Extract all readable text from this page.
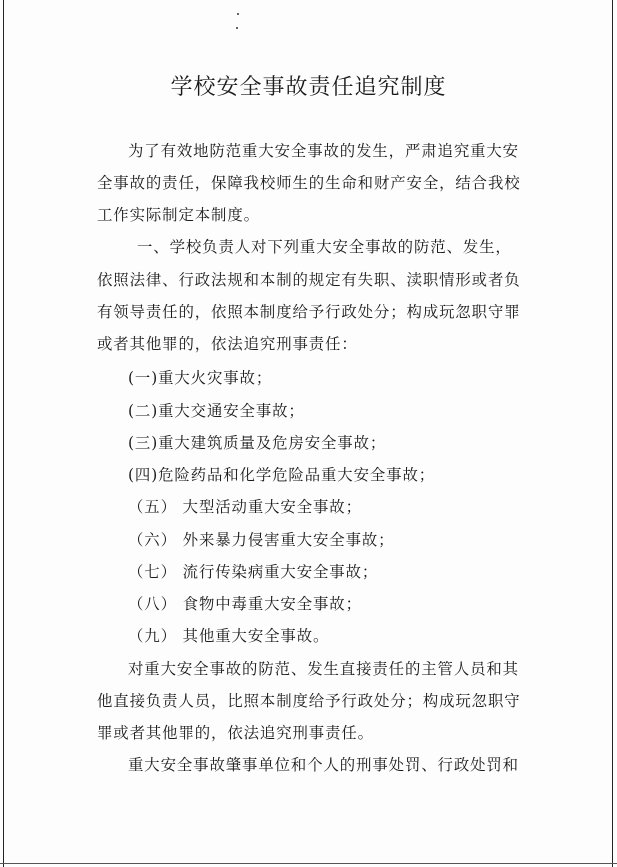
学校安全事故责任追究制度

为了有效地防范重大安全事故的发生，严肃追究重大安

全事故的责任，保障我校师生的生命和财产安全，结合我校

工作实际制定本制度。

一、学校负责人对下列重大安全事故的防范、发生，

依照法律、行政法规和本制的规定有失职、渎职情形或者负

有领导责任的，依照本制度给予行政处分；构成玩忽职守罪

或者其他罪的，依法追究刑事责任：

(一)重大火灾事故；

(二)重大交通安全事故；

(三)重大建筑质量及危房安全事故；

(四)危险药品和化学危险品重大安全事故；

（五） 大型活动重大安全事故；

（六） 外来暴力侵害重大安全事故；

（七） 流行传染病重大安全事故；

（八） 食物中毒重大安全事故；

（九） 其他重大安全事故。

对重大安全事故的防范、发生直接责任的主管人员和其

他直接负责人员，比照本制度给予行政处分；构成玩忽职守

罪或者其他罪的，依法追究刑事责任。

重大安全事故肇事单位和个人的刑事处罚、行政处罚和
